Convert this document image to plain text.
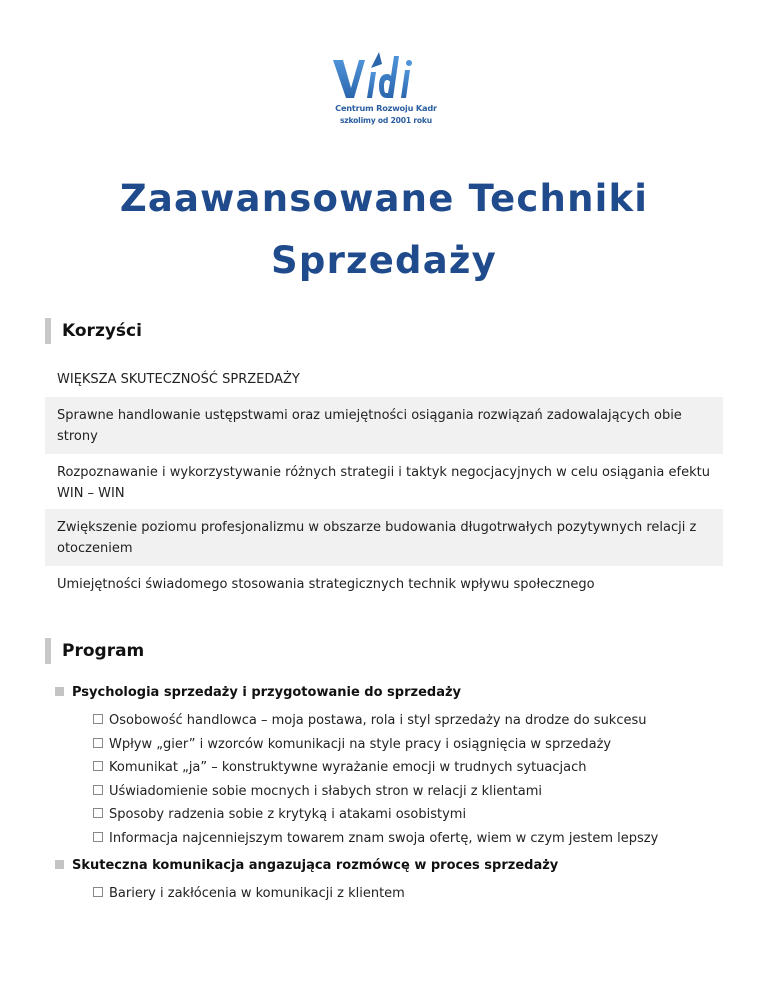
Centrum Rozwoju Kadr
szkolimy od 2001 roku
Zaawansowane Techniki
Sprzedaży
Korzyści
WIĘKSZA SKUTECZNOŚĆ SPRZEDAŻY
Sprawne handlowanie ustępstwami oraz umiejętności osiągania rozwiązań zadowalających obie strony
Rozpoznawanie i wykorzystywanie różnych strategii i taktyk negocjacyjnych w celu osiągania efektu WIN – WIN
Zwiększenie poziomu profesjonalizmu w obszarze budowania długotrwałych pozytywnych relacji z otoczeniem
Umiejętności świadomego stosowania strategicznych technik wpływu społecznego
Program
Psychologia sprzedaży i przygotowanie do sprzedaży
Osobowość handlowca – moja postawa, rola i styl sprzedaży na drodze do sukcesu
Wpływ „gier” i wzorców komunikacji na style pracy i osiągnięcia w sprzedaży
Komunikat „ja” – konstruktywne wyrażanie emocji w trudnych sytuacjach
Uświadomienie sobie mocnych i słabych stron w relacji z klientami
Sposoby radzenia sobie z krytyką i atakami osobistymi
Informacja najcenniejszym towarem znam swoja ofertę, wiem w czym jestem lepszy
Skuteczna komunikacja angazująca rozmówcę w proces sprzedaży
Bariery i zakłócenia w komunikacji z klientem
